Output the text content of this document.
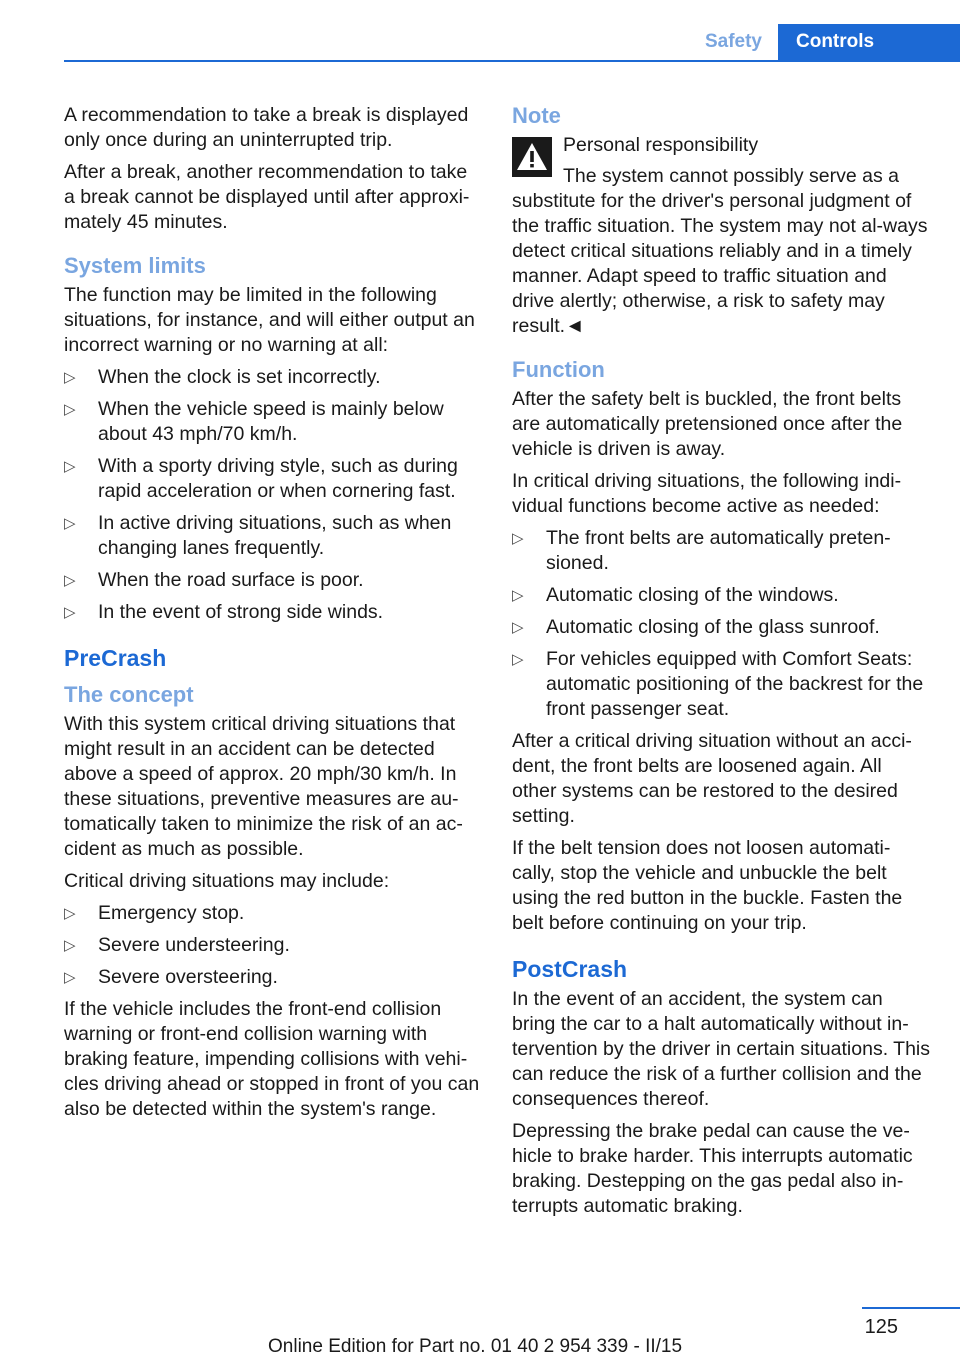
Safety	Controls

A recommendation to take a break is displayed only once during an uninterrupted trip.

After a break, another recommendation to take a break cannot be displayed until after approxi‐mately 45 minutes.

System limits

The function may be limited in the following situations, for instance, and will either output an incorrect warning or no warning at all:

▷ When the clock is set incorrectly.
▷ When the vehicle speed is mainly below about 43 mph/70 km/h.
▷ With a sporty driving style, such as during rapid acceleration or when cornering fast.
▷ In active driving situations, such as when changing lanes frequently.
▷ When the road surface is poor.
▷ In the event of strong side winds.
PreCrash
The concept

With this system critical driving situations that might result in an accident can be detected above a speed of approx. 20 mph/30 km/h. In these situations, preventive measures are au‐tomatically taken to minimize the risk of an ac‐cident as much as possible.

Critical driving situations may include:

▷ Emergency stop.
▷ Severe understeering.
▷ Severe oversteering.

If the vehicle includes the front-end collision warning or front-end collision warning with braking feature, impending collisions with vehi‐cles driving ahead or stopped in front of you can also be detected within the system's range.

Note

Personal responsibility

The system cannot possibly serve as a substitute for the driver's personal judgment of the traffic situation. The system may not al‐ways detect critical situations reliably and in a timely manner. Adapt speed to traffic situation and drive alertly; otherwise, a risk to safety may result.◄

Function

After the safety belt is buckled, the front belts are automatically pretensioned once after the vehicle is driven is away.

In critical driving situations, the following indi‐vidual functions become active as needed:

▷ The front belts are automatically preten‐sioned.
▷ Automatic closing of the windows.
▷ Automatic closing of the glass sunroof.
▷ For vehicles equipped with Comfort Seats: automatic positioning of the backrest for the front passenger seat.

After a critical driving situation without an acci‐dent, the front belts are loosened again. All other systems can be restored to the desired setting.

If the belt tension does not loosen automati‐cally, stop the vehicle and unbuckle the belt using the red button in the buckle. Fasten the belt before continuing on your trip.

PostCrash

In the event of an accident, the system can bring the car to a halt automatically without in‐tervention by the driver in certain situations. This can reduce the risk of a further collision and the consequences thereof.

Depressing the brake pedal can cause the ve‐hicle to brake harder. This interrupts automatic braking. Destepping on the gas pedal also in‐terrupts automatic braking.

125
Online Edition for Part no. 01 40 2 954 339 - II/15
